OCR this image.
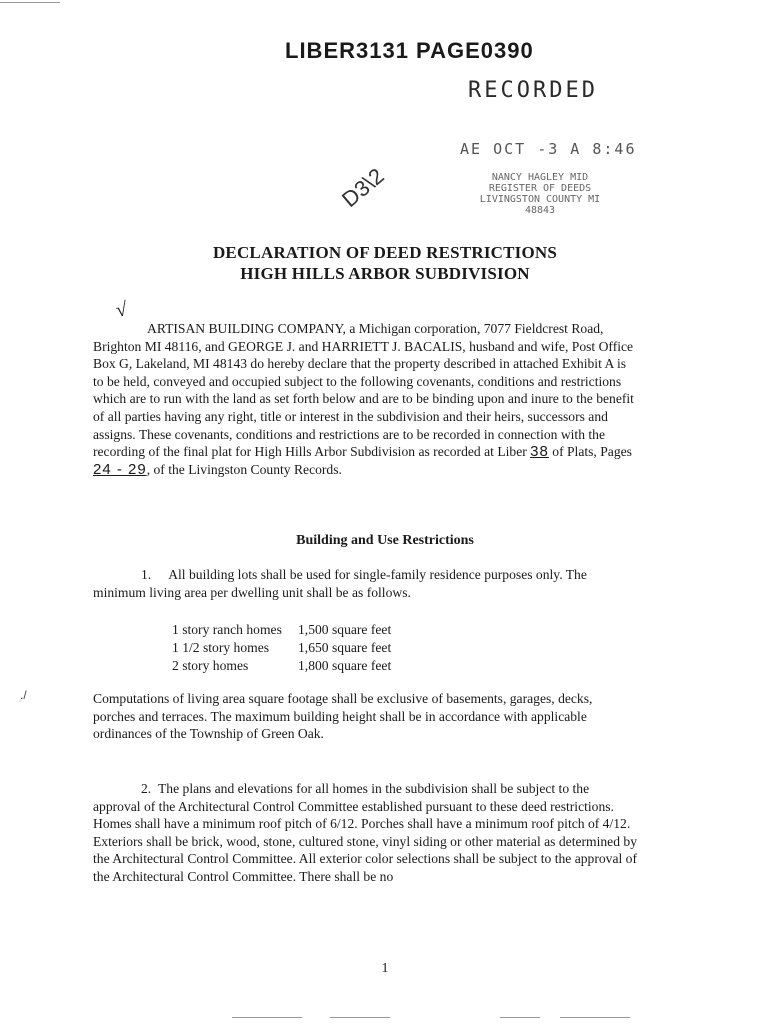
LIBER3131 PAGE0390
RECORDED
AE OCT -3 A 8:46
NANCY HAGLEY MID
REGISTER OF DEEDS
LIVINGSTON COUNTY MI
48843
D3\2
DECLARATION OF DEED RESTRICTIONS
HIGH HILLS ARBOR SUBDIVISION
√

ARTISAN BUILDING COMPANY, a Michigan corporation, 7077 Fieldcrest Road, Brighton MI 48116, and GEORGE J. and HARRIETT J. BACALIS, husband and wife, Post Office Box G, Lakeland, MI 48143 do hereby declare that the property described in attached Exhibit A is to be held, conveyed and occupied subject to the following covenants, conditions and restrictions which are to run with the land as set forth below and are to be binding upon and inure to the benefit of all parties having any right, title or interest in the subdivision and their heirs, successors and assigns. These covenants, conditions and restrictions are to be recorded in connection with the recording of the final plat for High Hills Arbor Subdivision as recorded at Liber 38 of Plats, Pages 24 - 29, of the Livingston County Records.

Building and Use Restrictions

1. All building lots shall be used for single-family residence purposes only. The minimum living area per dwelling unit shall be as follows.

1 story ranch homes	1,500 square feet
1 1/2 story homes	1,650 square feet
2 story homes	1,800 square feet
.ׅ/	Computations of living area square footage shall be exclusive of basements, garages, decks, porches and terraces. The maximum building height shall be in accordance with applicable ordinances of the Township of Green Oak.

2. The plans and elevations for all homes in the subdivision shall be subject to the approval of the Architectural Control Committee established pursuant to these deed restrictions. Homes shall have a minimum roof pitch of 6/12. Porches shall have a minimum roof pitch of 4/12. Exteriors shall be brick, wood, stone, cultured stone, vinyl siding or other material as determined by the Architectural Control Committee. All exterior color selections shall be subject to the approval of the Architectural Control Committee. There shall be no

1
